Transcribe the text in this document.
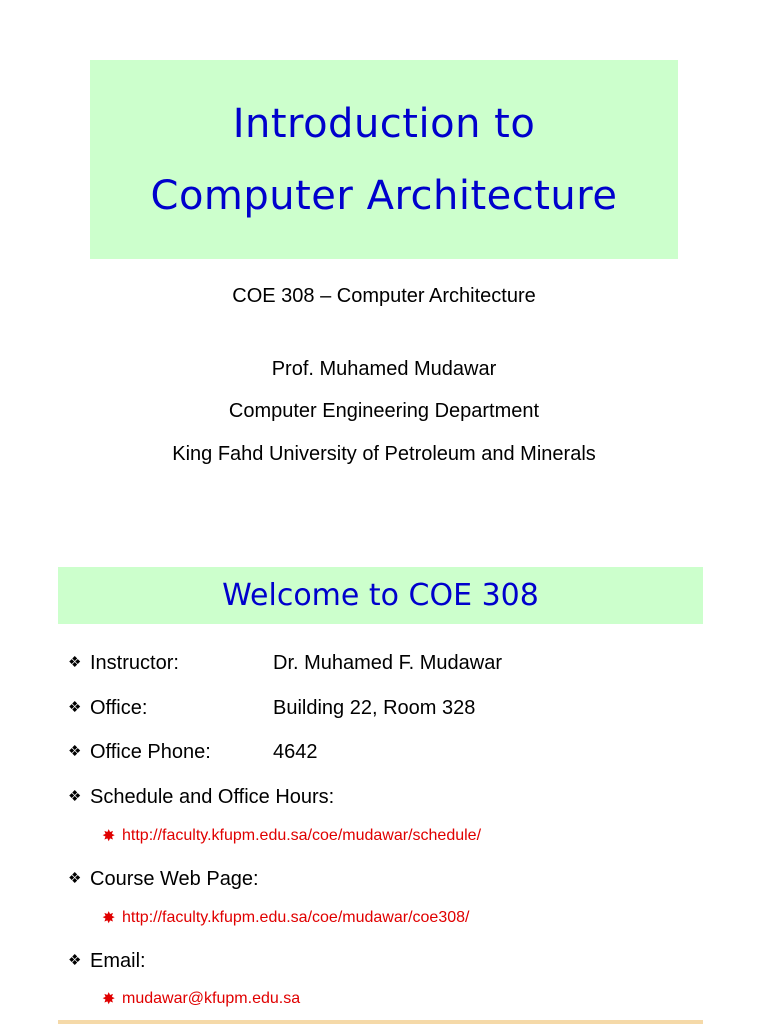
Introduction to
Computer Architecture
COE 308 – Computer Architecture
Prof. Muhamed Mudawar
Computer Engineering Department
King Fahd University of Petroleum and Minerals
Welcome to COE 308
❖ Instructor:	Dr. Muhamed F. Mudawar
❖ Office:	Building 22, Room 328
❖ Office Phone:	4642
❖ Schedule and Office Hours:
✸ http://faculty.kfupm.edu.sa/coe/mudawar/schedule/
❖ Course Web Page:
✸ http://faculty.kfupm.edu.sa/coe/mudawar/coe308/
❖ Email:
✸ mudawar@kfupm.edu.sa
